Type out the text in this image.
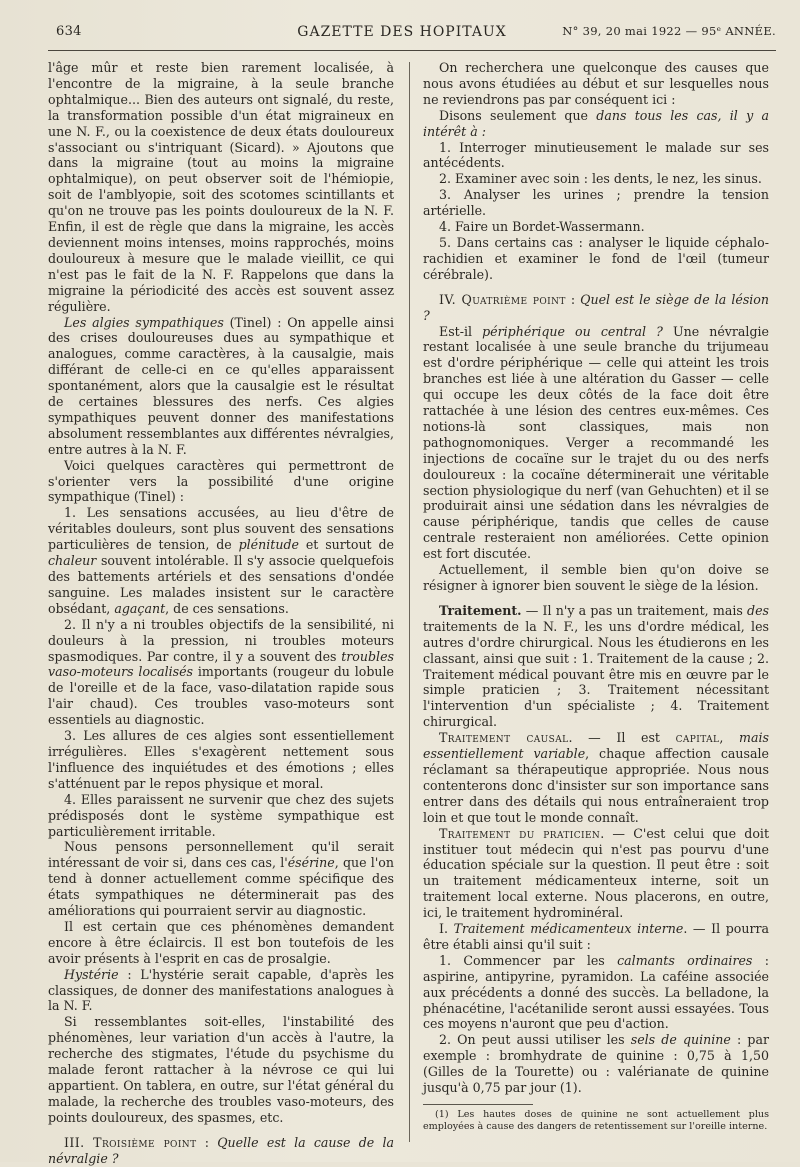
634	GAZETTE DES HOPITAUX	N° 39, 20 mai 1922 — 95ᵉ ANNÉE.

l'âge mûr et reste bien rarement localisée, à l'encontre de la migraine, à la seule branche ophtalmique... Bien des auteurs ont signalé, du reste, la transformation possible d'un état migraineux en une N. F., ou la coexistence de deux états douloureux s'associant ou s'intriquant (Sicard). » Ajoutons que dans la migraine (tout au moins la migraine ophtalmique), on peut observer soit de l'hémiopie, soit de l'amblyopie, soit des scotomes scintillants et qu'on ne trouve pas les points douloureux de la N. F. Enfin, il est de règle que dans la migraine, les accès deviennent moins intenses, moins rapprochés, moins douloureux à mesure que le malade vieillit, ce qui n'est pas le fait de la N. F. Rappelons que dans la migraine la périodicité des accès est souvent assez régulière.

Les algies sympathiques (Tinel) : On appelle ainsi des crises douloureuses dues au sympathique et analogues, comme caractères, à la causalgie, mais différant de celle-ci en ce qu'elles apparaissent spontanément, alors que la causalgie est le résultat de certaines blessures des nerfs. Ces algies sympathiques peuvent donner des manifestations absolument ressemblantes aux différentes névralgies, entre autres à la N. F.

Voici quelques caractères qui permettront de s'orienter vers la possibilité d'une origine sympathique (Tinel) :

1. Les sensations accusées, au lieu d'être de véritables douleurs, sont plus souvent des sensations particulières de tension, de plénitude et surtout de chaleur souvent intolérable. Il s'y associe quelquefois des battements artériels et des sensations d'ondée sanguine. Les malades insistent sur le caractère obsédant, agaçant, de ces sensations.

2. Il n'y a ni troubles objectifs de la sensibilité, ni douleurs à la pression, ni troubles moteurs spasmodiques. Par contre, il y a souvent des troubles vaso-moteurs localisés importants (rougeur du lobule de l'oreille et de la face, vaso-dilatation rapide sous l'air chaud). Ces troubles vaso-moteurs sont essentiels au diagnostic.

3. Les allures de ces algies sont essentiellement irrégulières. Elles s'exagèrent nettement sous l'influence des inquiétudes et des émotions ; elles s'atténuent par le repos physique et moral.

4. Elles paraissent ne survenir que chez des sujets prédisposés dont le système sympathique est particulièrement irritable.

Nous pensons personnellement qu'il serait intéressant de voir si, dans ces cas, l'ésérine, que l'on tend à donner actuellement comme spécifique des états sympathiques ne déterminerait pas des améliorations qui pourraient servir au diagnostic.

Il est certain que ces phénomènes demandent encore à être éclaircis. Il est bon toutefois de les avoir présents à l'esprit en cas de prosalgie.

Hystérie : L'hystérie serait capable, d'après les classiques, de donner des manifestations analogues à la N. F.

Si ressemblantes soit-elles, l'instabilité des phénomènes, leur variation d'un accès à l'autre, la recherche des stigmates, l'étude du psychisme du malade feront rattacher à la névrose ce qui lui appartient. On tablera, en outre, sur l'état général du malade, la recherche des troubles vaso-moteurs, des points douloureux, des spasmes, etc.

III. Troisième point : Quelle est la cause de la névralgie ?

On recherchera une quelconque des causes que nous avons étudiées au début et sur lesquelles nous ne reviendrons pas par conséquent ici :

Disons seulement que dans tous les cas, il y a intérêt à :

1. Interroger minutieusement le malade sur ses antécédents.

2. Examiner avec soin : les dents, le nez, les sinus.

3. Analyser les urines ; prendre la tension artérielle.

4. Faire un Bordet-Wassermann.

5. Dans certains cas : analyser le liquide céphalo-rachidien et examiner le fond de l'œil (tumeur cérébrale).

IV. Quatrième point : Quel est le siège de la lésion ?

Est-il périphérique ou central ? Une névralgie restant localisée à une seule branche du trijumeau est d'ordre périphérique — celle qui atteint les trois branches est liée à une altération du Gasser — celle qui occupe les deux côtés de la face doit être rattachée à une lésion des centres eux-mêmes. Ces notions-là sont classiques, mais non pathognomoniques. Verger a recommandé les injections de cocaïne sur le trajet du ou des nerfs douloureux : la cocaïne déterminerait une véritable section physiologique du nerf (van Gehuchten) et il se produirait ainsi une sédation dans les névralgies de cause périphérique, tandis que celles de cause centrale resteraient non améliorées. Cette opinion est fort discutée.

Actuellement, il semble bien qu'on doive se résigner à ignorer bien souvent le siège de la lésion.

Traitement. — Il n'y a pas un traitement, mais des traitements de la N. F., les uns d'ordre médical, les autres d'ordre chirurgical. Nous les étudierons en les classant, ainsi que suit : 1. Traitement de la cause ; 2. Traitement médical pouvant être mis en œuvre par le simple praticien ; 3. Traitement nécessitant l'intervention d'un spécialiste ; 4. Traitement chirurgical.

Traitement causal. — Il est capital, mais essentiellement variable, chaque affection causale réclamant sa thérapeutique appropriée. Nous nous contenterons donc d'insister sur son importance sans entrer dans des détails qui nous entraîneraient trop loin et que tout le monde connaît.

Traitement du praticien. — C'est celui que doit instituer tout médecin qui n'est pas pourvu d'une éducation spéciale sur la question. Il peut être : soit un traitement médicamenteux interne, soit un traitement local externe. Nous placerons, en outre, ici, le traitement hydrominéral.

I. Traitement médicamenteux interne. — Il pourra être établi ainsi qu'il suit :

1. Commencer par les calmants ordinaires : aspirine, antipyrine, pyramidon. La caféine associée aux précédents a donné des succès. La belladone, la phénacétine, l'acétanilide seront aussi essayées. Tous ces moyens n'auront que peu d'action.

2. On peut aussi utiliser les sels de quinine : par exemple : bromhydrate de quinine : 0,75 à 1,50 (Gilles de la Tourette) ou : valérianate de quinine jusqu'à 0,75 par jour (1).

(1) Les hautes doses de quinine ne sont actuellement plus employées à cause des dangers de retentissement sur l'oreille interne.
